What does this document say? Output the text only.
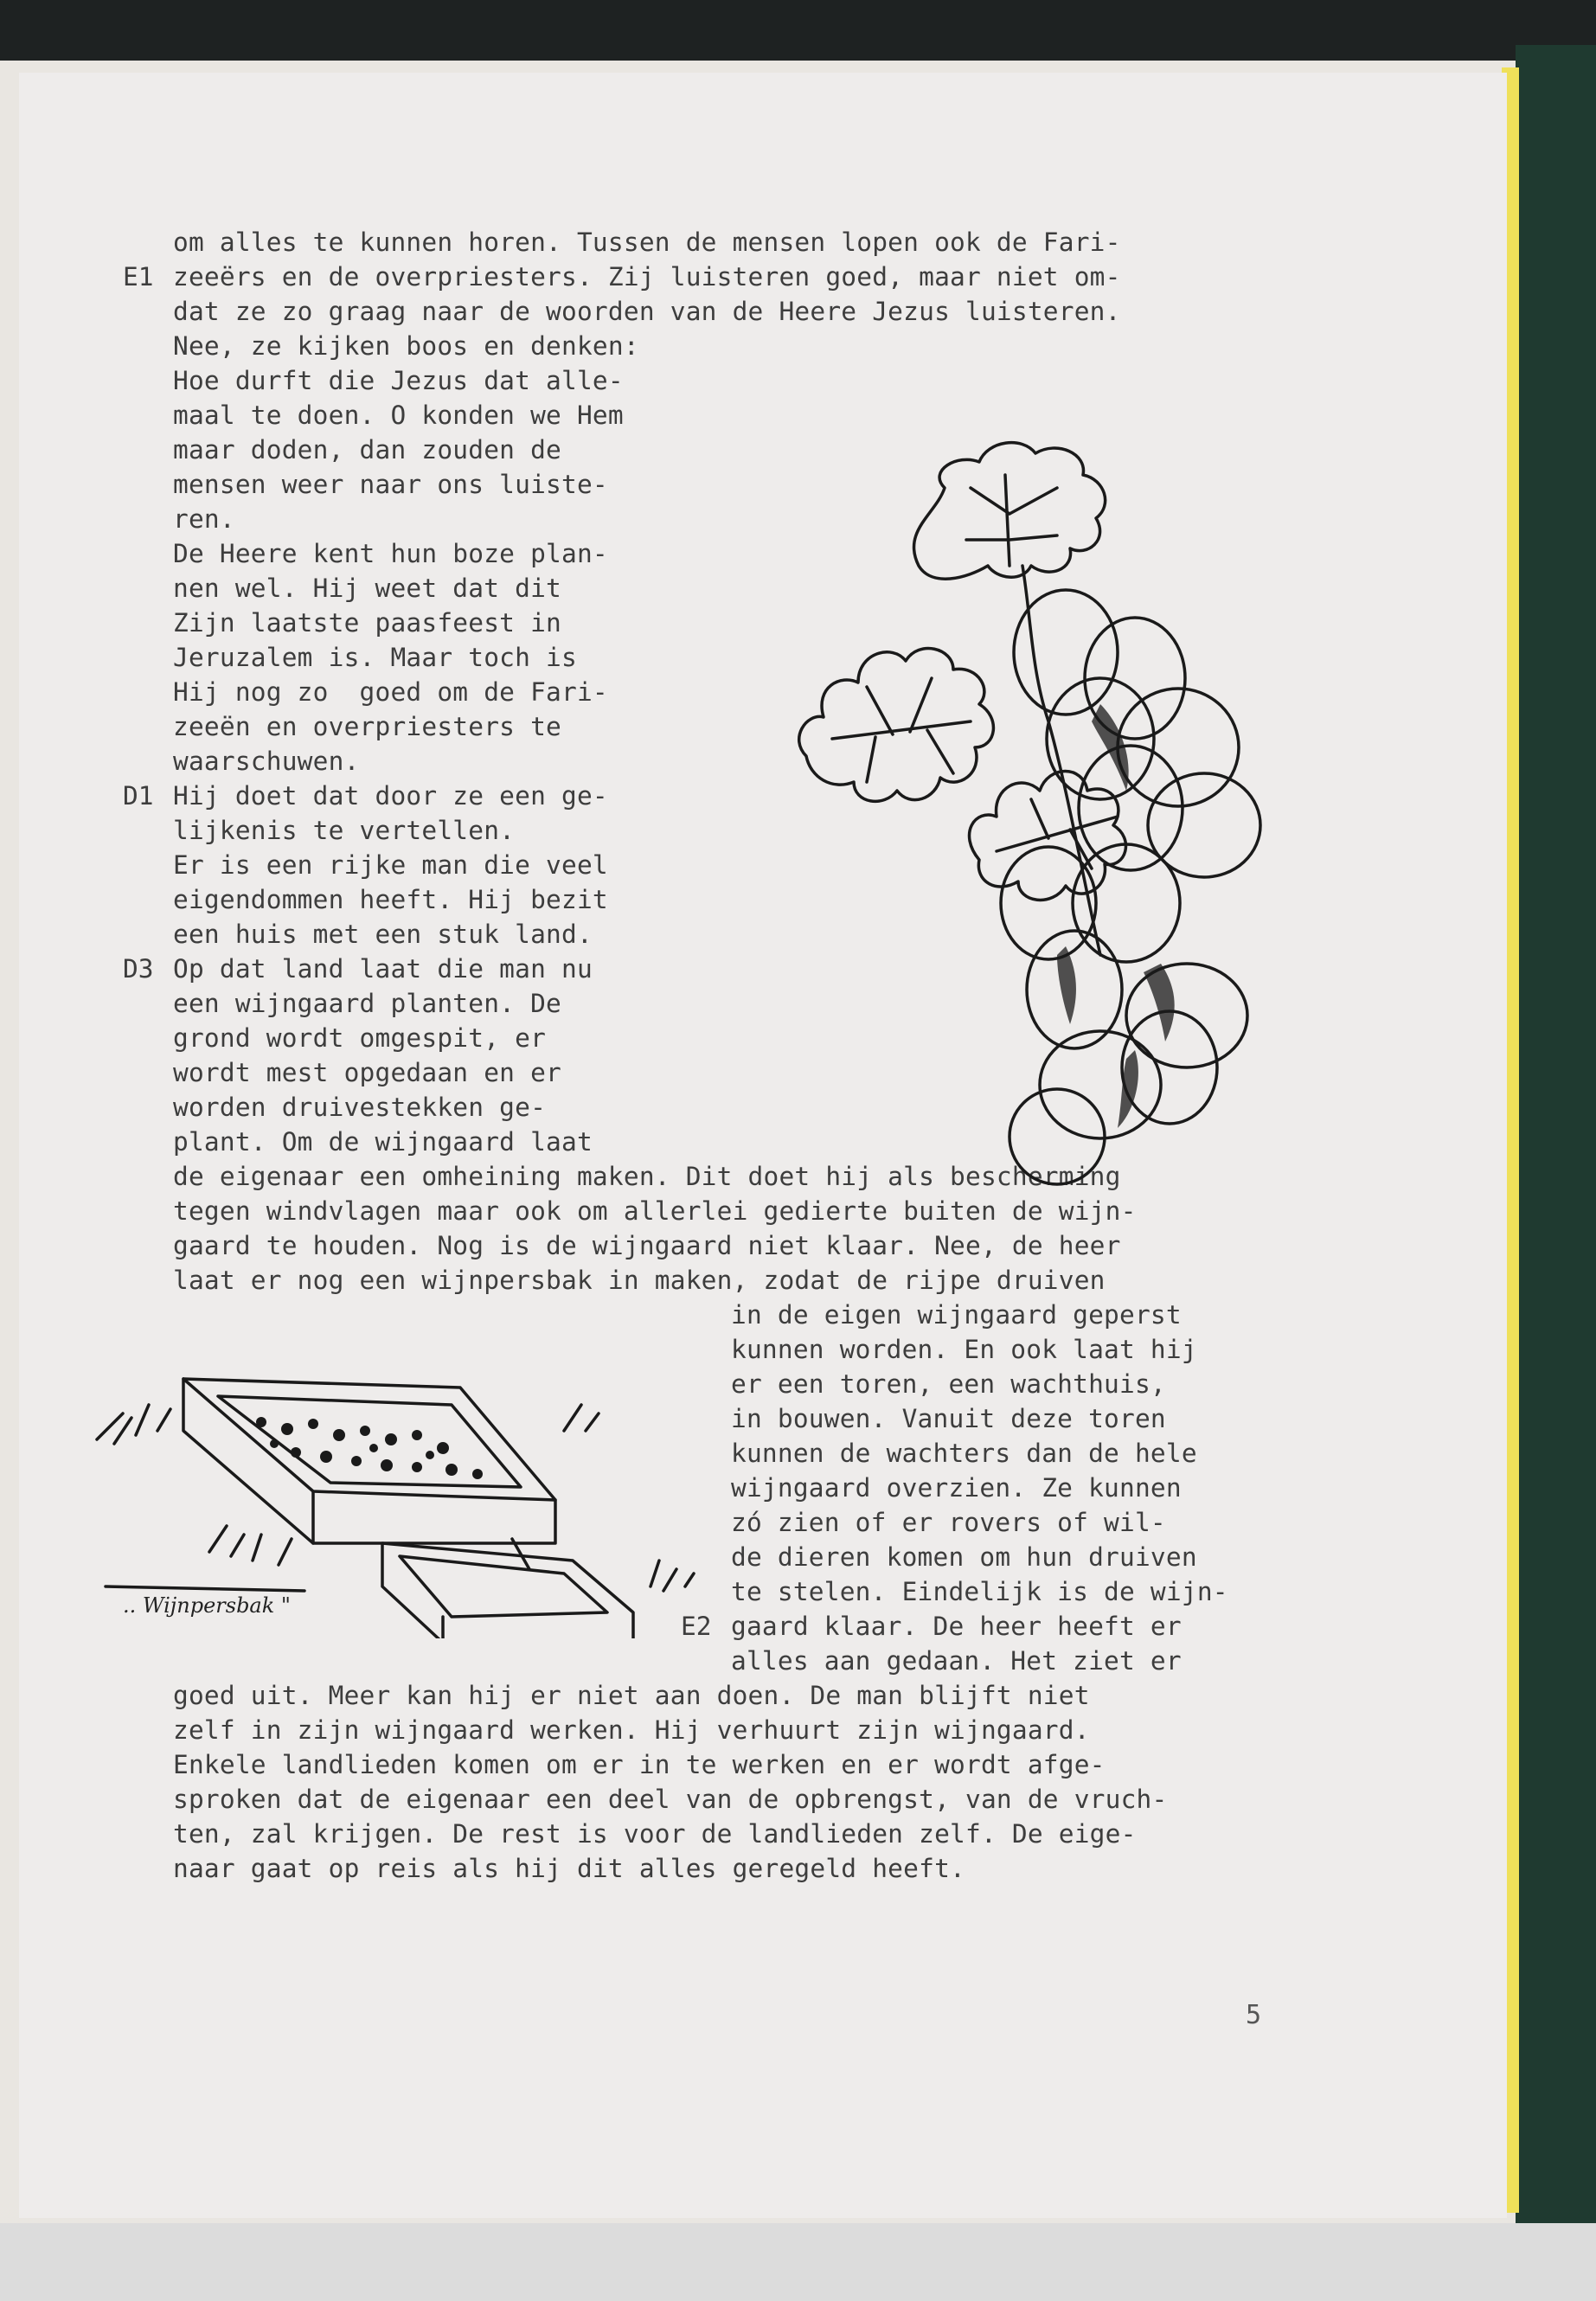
om alles te kunnen horen. Tussen de mensen lopen ook de Fari-
zeeërs en de overpriesters. Zij luisteren goed, maar niet om-
dat ze zo graag naar de woorden van de Heere Jezus luisteren.
Nee, ze kijken boos en denken:
Hoe durft die Jezus dat alle-
maal te doen. O konden we Hem
maar doden, dan zouden de
mensen weer naar ons luiste-
ren.
De Heere kent hun boze plan-
nen wel. Hij weet dat dit
Zijn laatste paasfeest in
Jeruzalem is. Maar toch is
Hij nog zo  goed om de Fari-
zeeën en overpriesters te
waarschuwen.
Hij doet dat door ze een ge-
lijkenis te vertellen.
Er is een rijke man die veel
eigendommen heeft. Hij bezit
een huis met een stuk land.
Op dat land laat die man nu
een wijngaard planten. De
grond wordt omgespit, er
wordt mest opgedaan en er
worden druivestekken ge-
plant. Om de wijngaard laat
de eigenaar een omheining maken. Dit doet hij als bescherming
tegen windvlagen maar ook om allerlei gedierte buiten de wijn-
gaard te houden. Nog is de wijngaard niet klaar. Nee, de heer
laat er nog een wijnpersbak in maken, zodat de rijpe druiven
in de eigen wijngaard geperst
kunnen worden. En ook laat hij
er een toren, een wachthuis,
in bouwen. Vanuit deze toren
kunnen de wachters dan de hele
wijngaard overzien. Ze kunnen
zó zien of er rovers of wil-
de dieren komen om hun druiven
te stelen. Eindelijk is de wijn-
gaard klaar. De heer heeft er
alles aan gedaan. Het ziet er
goed uit. Meer kan hij er niet aan doen. De man blijft niet
zelf in zijn wijngaard werken. Hij verhuurt zijn wijngaard.
Enkele landlieden komen om er in te werken en er wordt afge-
sproken dat de eigenaar een deel van de opbrengst, van de vruch-
ten, zal krijgen. De rest is voor de landlieden zelf. De eige-
naar gaat op reis als hij dit alles geregeld heeft.
E1
D1
D3
E2
.. Wijnpersbak "
5
